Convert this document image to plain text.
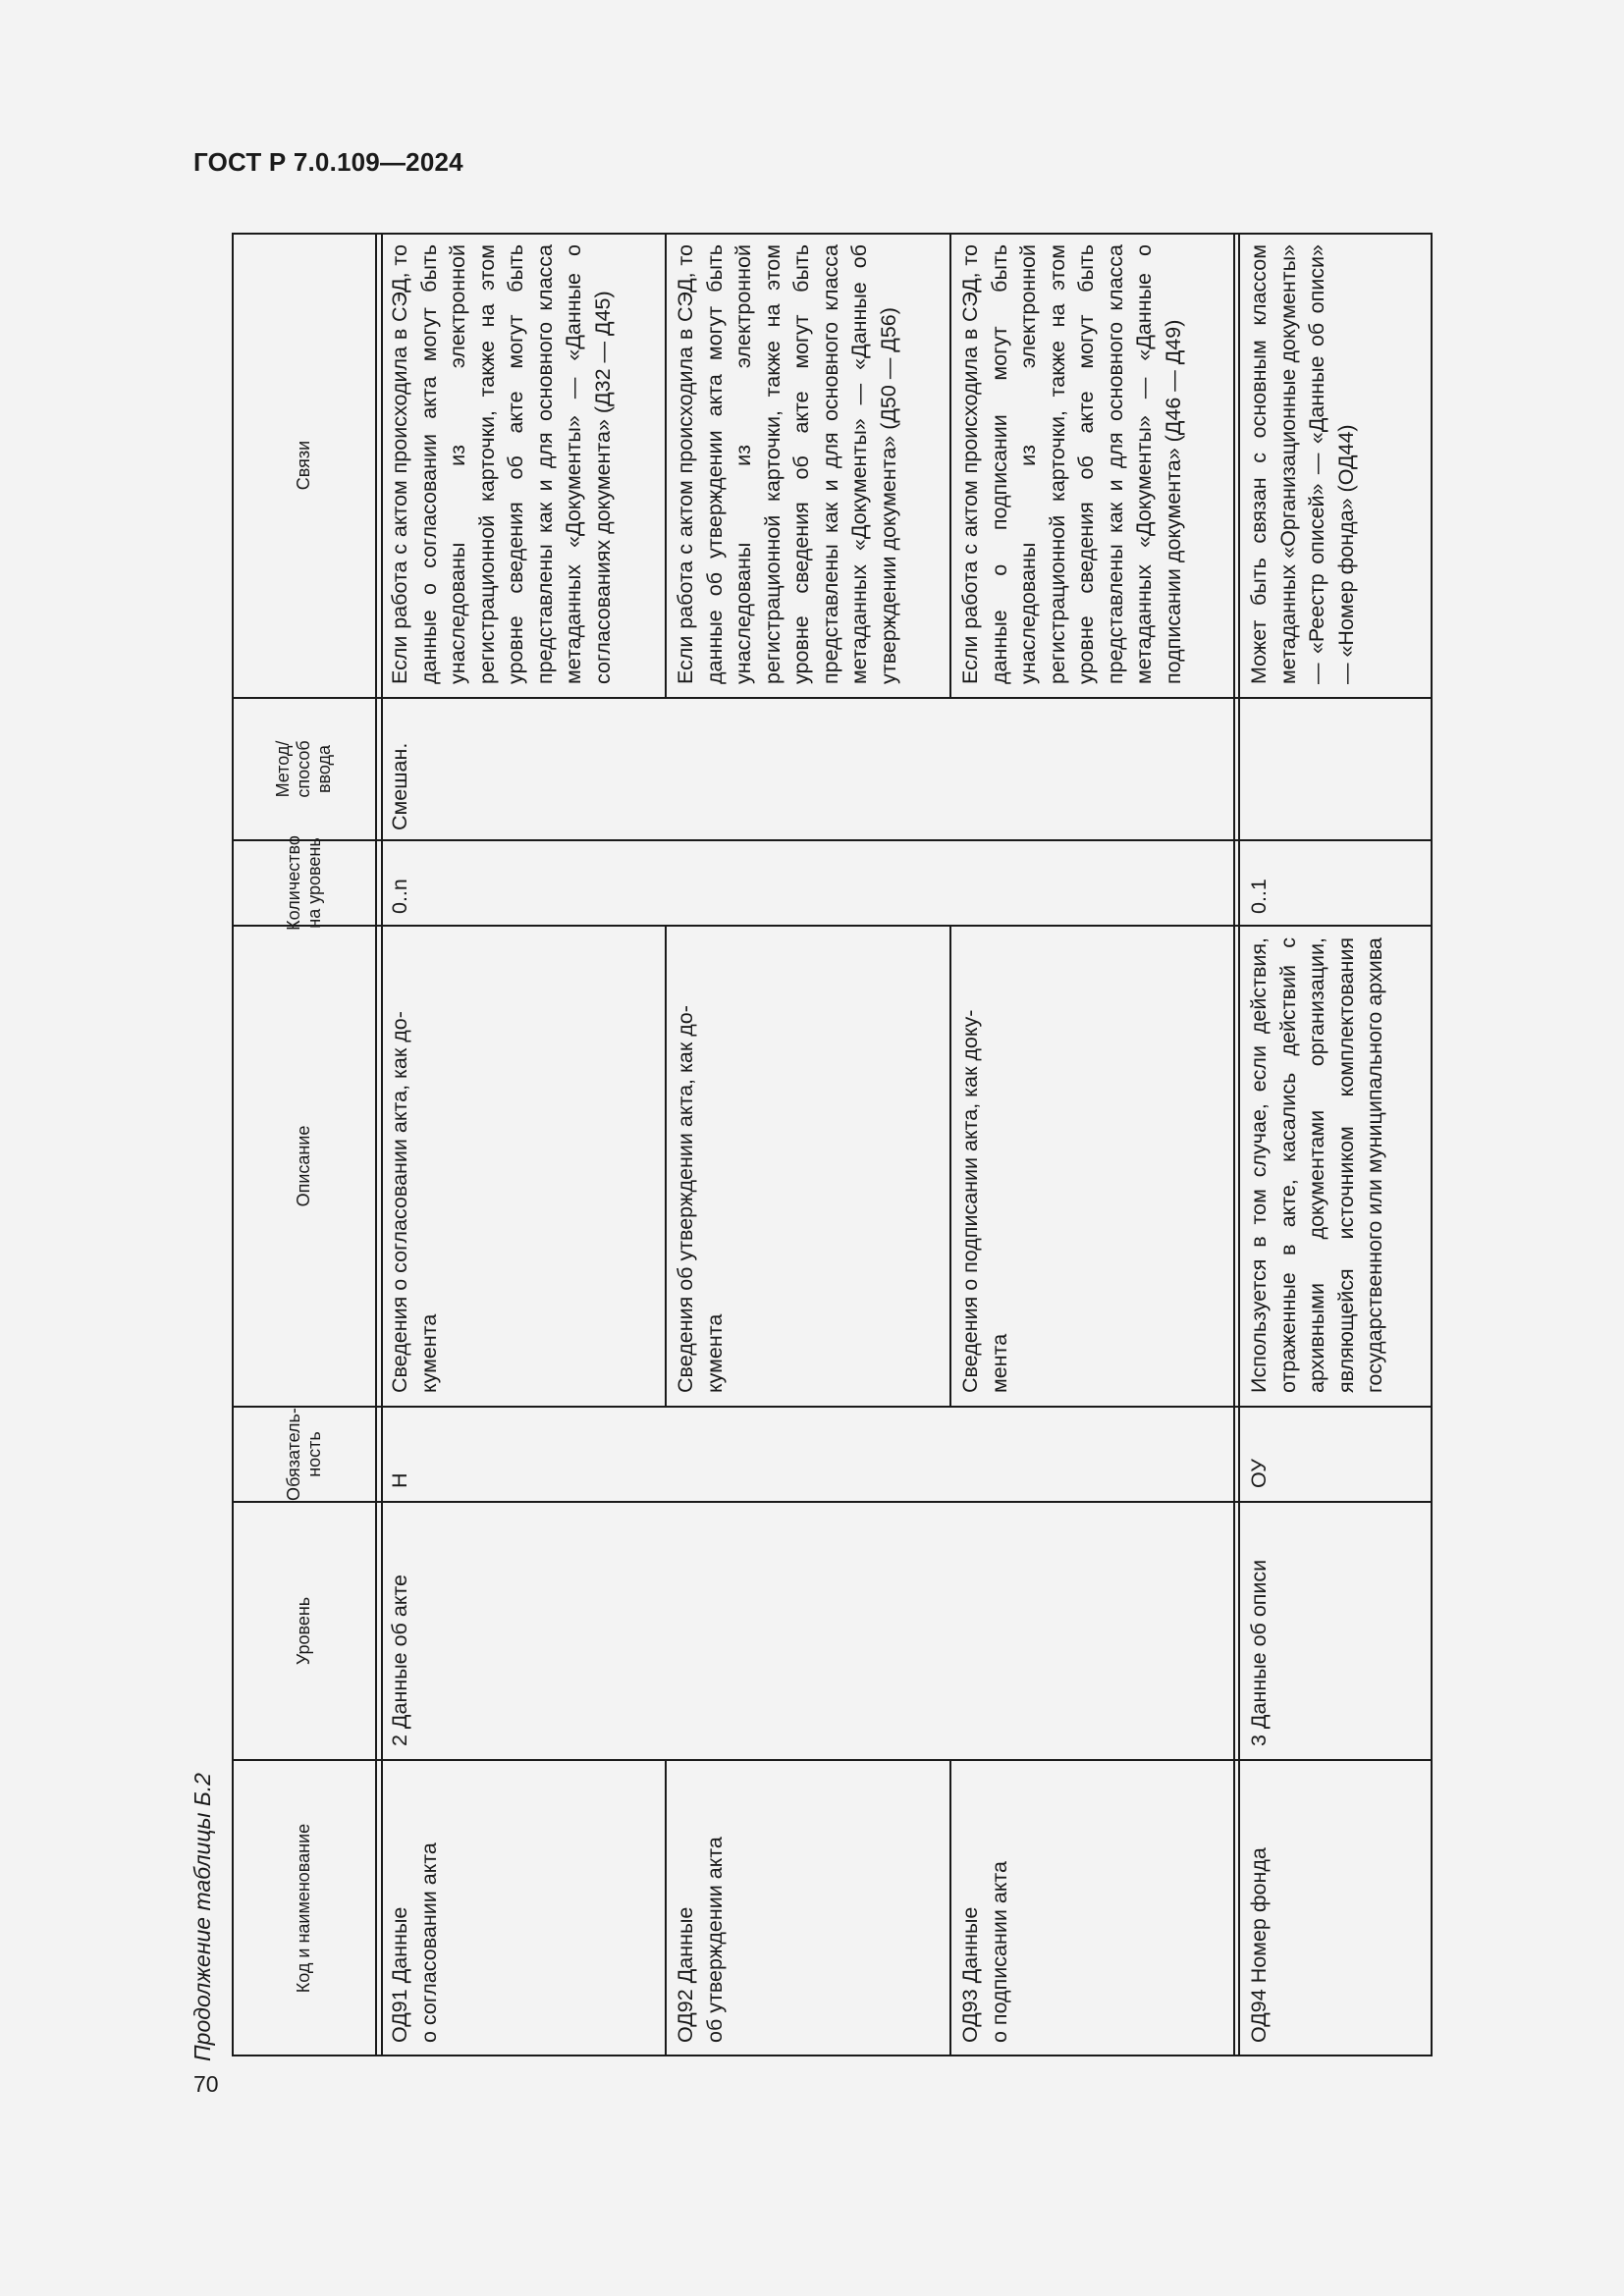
ГОСТ Р 7.0.109—2024
Продолжение таблицы Б.2
70
Код и наименование
Уровень
Обязатель-
ность
Описание
Количество
на уровень
Метод/
способ
ввода
Связи
2 Данные об акте
Н
0..n
Смешан.
ОД91 Данные
о согласовании акта
Сведения о согласовании акта, как до-
кумента
Если работа с актом происходила в СЭД, то данные о согласовании акта могут быть унаследованы из электронной регистрационной карточки, также на этом уровне сведения об акте могут быть представлены как и для основного класса метаданных «Документы» — «Данные о согласованиях документа» (Д32 — Д45)
ОД92 Данные
об утверждении акта
Сведения об утверждении акта, как до-
кумента
Если работа с актом происходила в СЭД, то данные об утверждении акта могут быть унаследованы из электронной регистрационной карточки, также на этом уровне сведения об акте могут быть представлены как и для основного класса метаданных «Документы» — «Данные об утверждении документа» (Д50 — Д56)
ОД93 Данные
о подписании акта
Сведения о подписании акта, как доку-
мента
Если работа с актом происходила в СЭД, то данные о подписании могут быть унаследованы из электронной регистрационной карточки, также на этом уровне сведения об акте могут быть представлены как и для основного класса метаданных «Документы» — «Данные о подписании документа» (Д46 — Д49)
ОД94 Номер фонда
3 Данные об описи
ОУ
Используется в том случае, если действия, отраженные в акте, касались действий с архивными документами организации, являющейся источником комплектования государственного или муниципального архива
0..1
Может быть связан с основным классом метаданных «Организационные документы» — «Реестр описей» — «Данные об описи» — «Номер фонда» (ОД44)
